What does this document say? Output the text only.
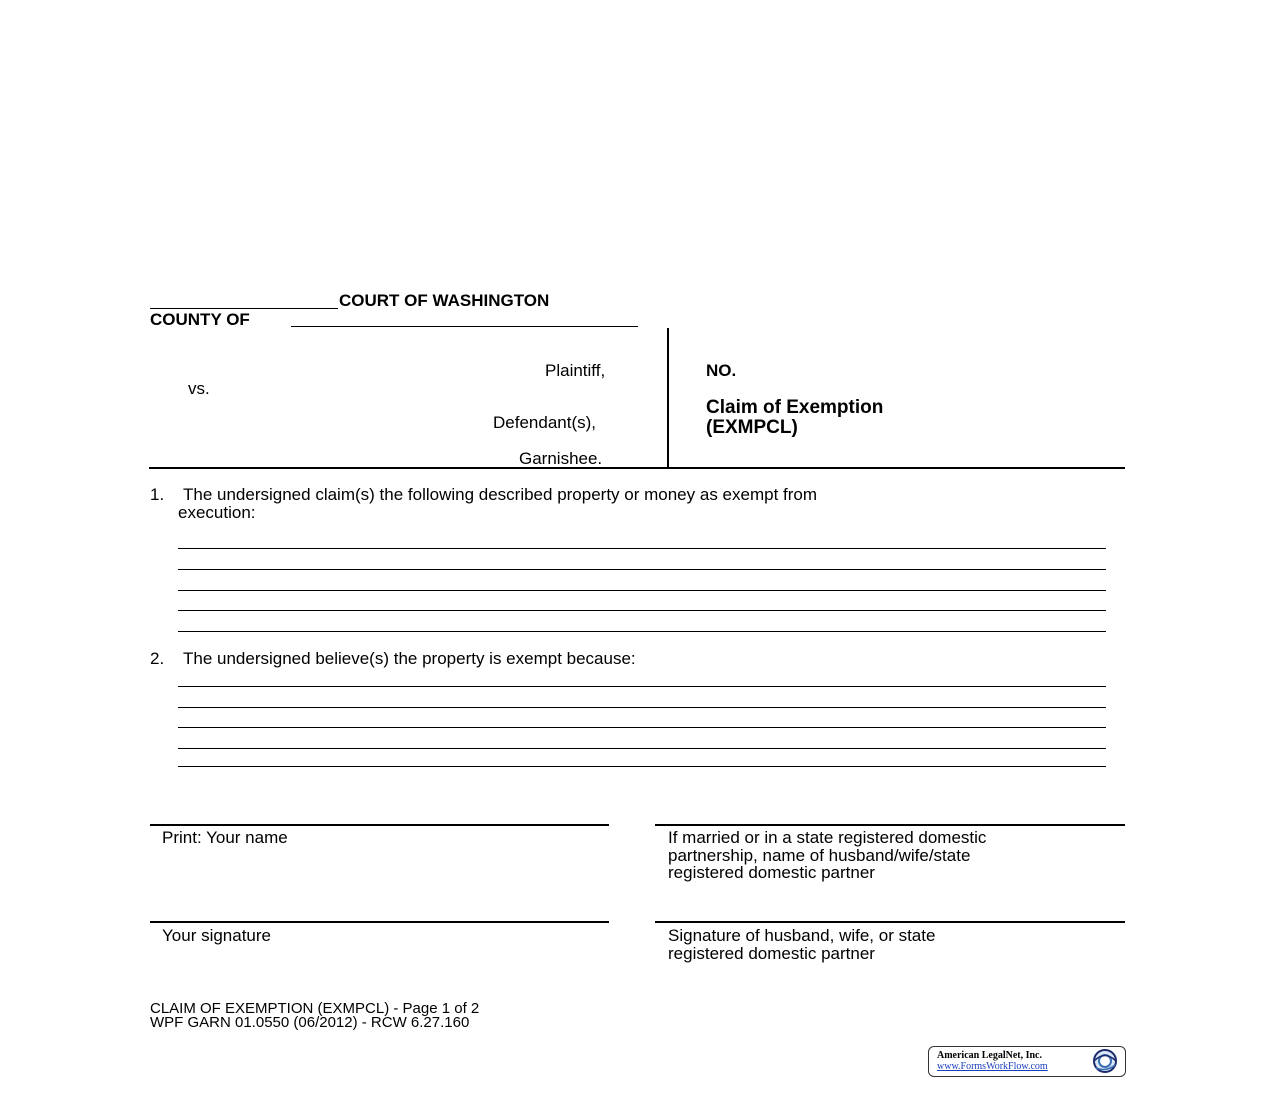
COURT OF WASHINGTON
COUNTY OF
Plaintiff,
vs.
Defendant(s),
Garnishee.
NO.
Claim of Exemption
(EXMPCL)
1. The undersigned claim(s) the following described property or money as exempt from
execution:
2. The undersigned believe(s) the property is exempt because:
Print: Your name	If married or in a state registered domestic
partnership, name of husband/wife/state
registered domestic partner
Your signature	Signature of husband, wife, or state
registered domestic partner
CLAIM OF EXEMPTION (EXMPCL) - Page 1 of 2
WPF GARN 01.0550 (06/2012) - RCW 6.27.160
American LegalNet, Inc.
www.FormsWorkFlow.com
